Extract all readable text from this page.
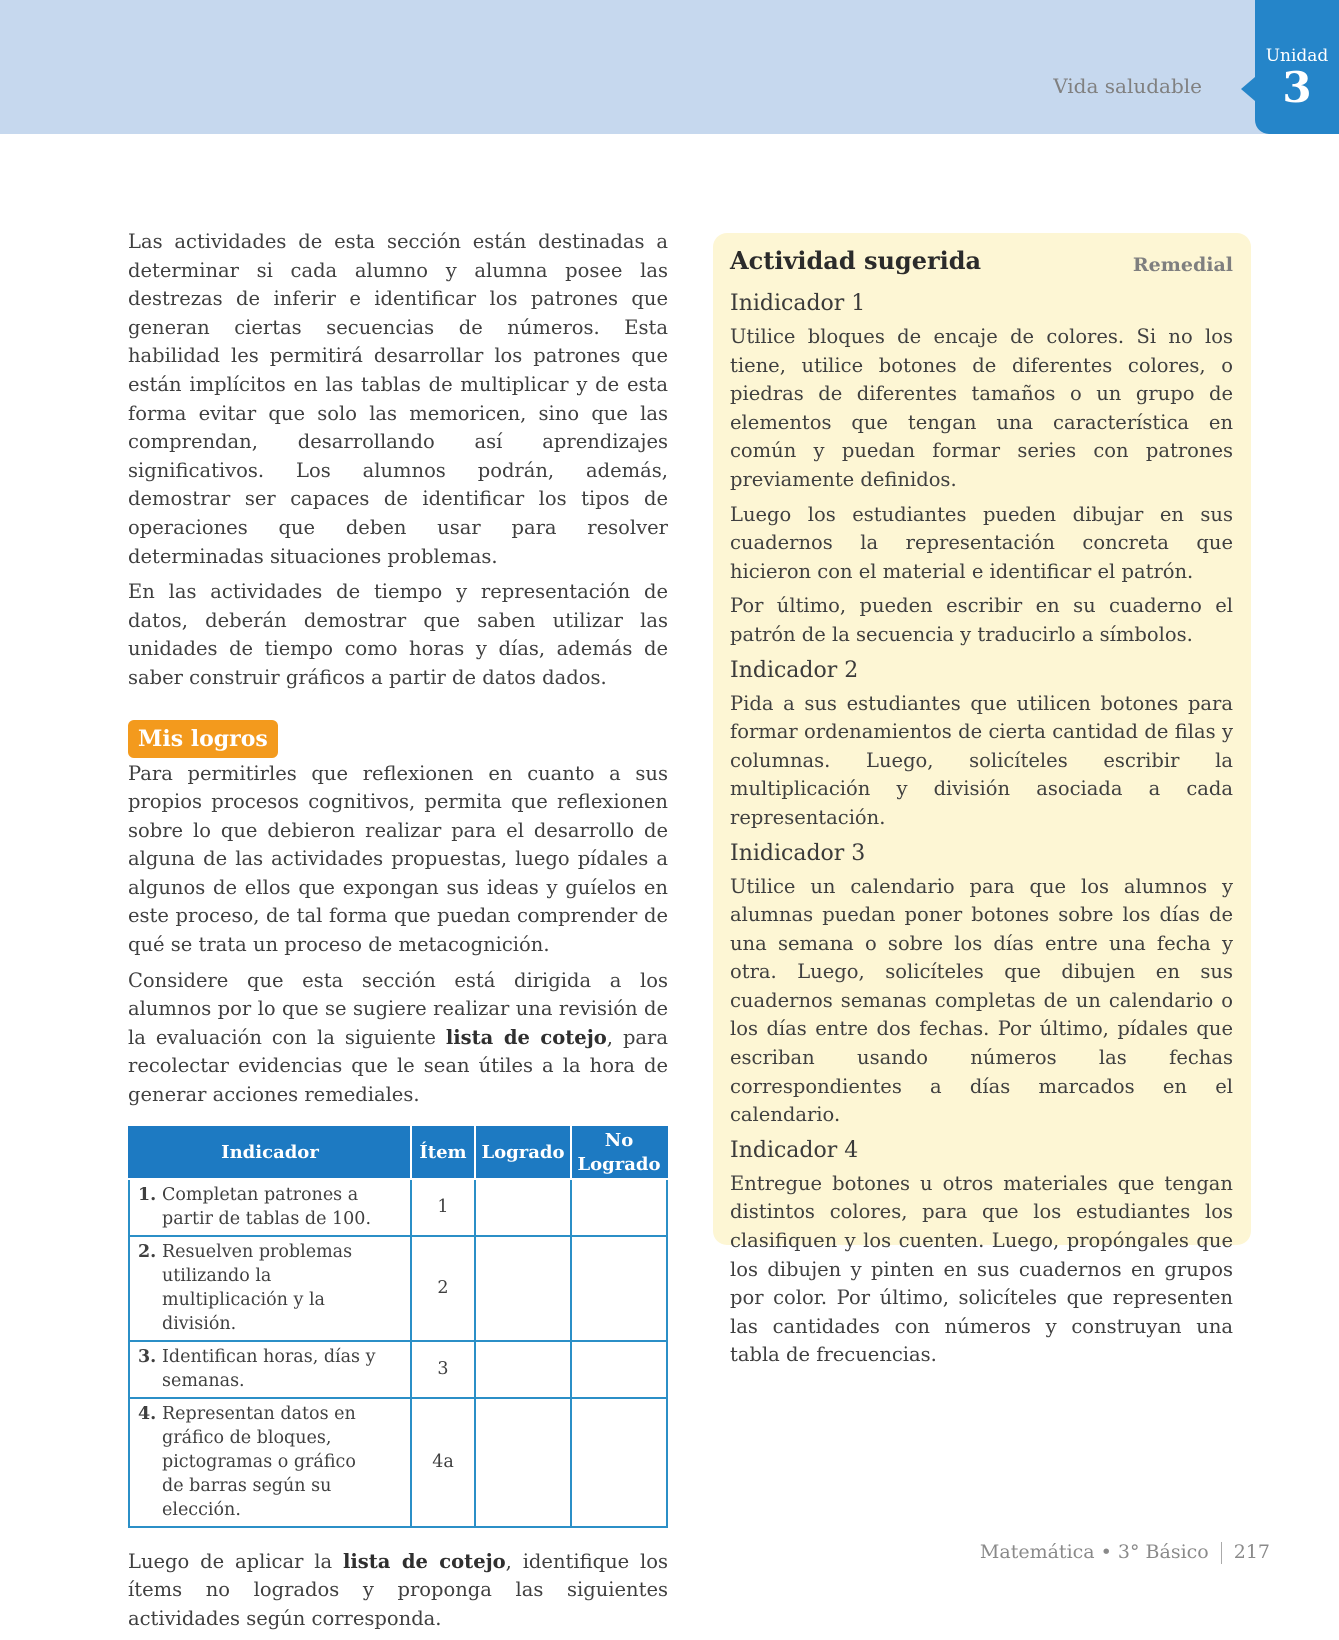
Vida saludable
Unidad
3

Las actividades de esta sección están destinadas a determinar si cada alumno y alumna posee las destrezas de inferir e identificar los patrones que generan ciertas secuencias de números. Esta habilidad les permitirá desarrollar los patrones que están implícitos en las tablas de multiplicar y de esta forma evitar que solo las memoricen, sino que las comprendan, desarrollando así aprendizajes significativos. Los alumnos podrán, además, demostrar ser capaces de identificar los tipos de operaciones que deben usar para resolver determinadas situaciones problemas.

En las actividades de tiempo y representación de datos, deberán demostrar que saben utilizar las unidades de tiempo como horas y días, además de saber construir gráficos a partir de datos dados.

Mis logros

Para permitirles que reflexionen en cuanto a sus propios procesos cognitivos, permita que reflexionen sobre lo que debieron realizar para el desarrollo de alguna de las actividades propuestas, luego pídales a algunos de ellos que expongan sus ideas y guíelos en este proceso, de tal forma que puedan comprender de qué se trata un proceso de metacognición.

Considere que esta sección está dirigida a los alumnos por lo que se sugiere realizar una revisión de la evaluación con la siguiente lista de cotejo, para recolectar evidencias que le sean útiles a la hora de generar acciones remediales.

Indicador	Ítem	Logrado	No Logrado
1. Completan patrones a partir de tablas de 100.	1		
2. Resuelven problemas utilizando la multiplicación y la división.	2		
3. Identifican horas, días y semanas.	3		
4. Representan datos en gráfico de bloques, pictogramas o gráfico de barras según su elección.	4a		

Luego de aplicar la lista de cotejo, identifique los ítems no logrados y proponga las siguientes actividades según corresponda.

Actividad sugerida	Remedial
Inidicador 1

Utilice bloques de encaje de colores. Si no los tiene, utilice botones de diferentes colores, o piedras de diferentes tamaños o un grupo de elementos que tengan una característica en común y puedan formar series con patrones previamente definidos.

Luego los estudiantes pueden dibujar en sus cuadernos la representación concreta que hicieron con el material e identificar el patrón.

Por último, pueden escribir en su cuaderno el patrón de la secuencia y traducirlo a símbolos.

Indicador 2

Pida a sus estudiantes que utilicen botones para formar ordenamientos de cierta cantidad de filas y columnas. Luego, solicíteles escribir la multiplicación y división asociada a cada representación.

Inidicador 3

Utilice un calendario para que los alumnos y alumnas puedan poner botones sobre los días de una semana o sobre los días entre una fecha y otra. Luego, solicíteles que dibujen en sus cuadernos semanas completas de un calendario o los días entre dos fechas. Por último, pídales que escriban usando números las fechas correspondientes a días marcados en el calendario.

Indicador 4

Entregue botones u otros materiales que tengan distintos colores, para que los estudiantes los clasifiquen y los cuenten. Luego, propóngales que los dibujen y pinten en sus cuadernos en grupos por color. Por último, solicíteles que representen las cantidades con números y construyan una tabla de frecuencias.

Matemática • 3° Básico 217
